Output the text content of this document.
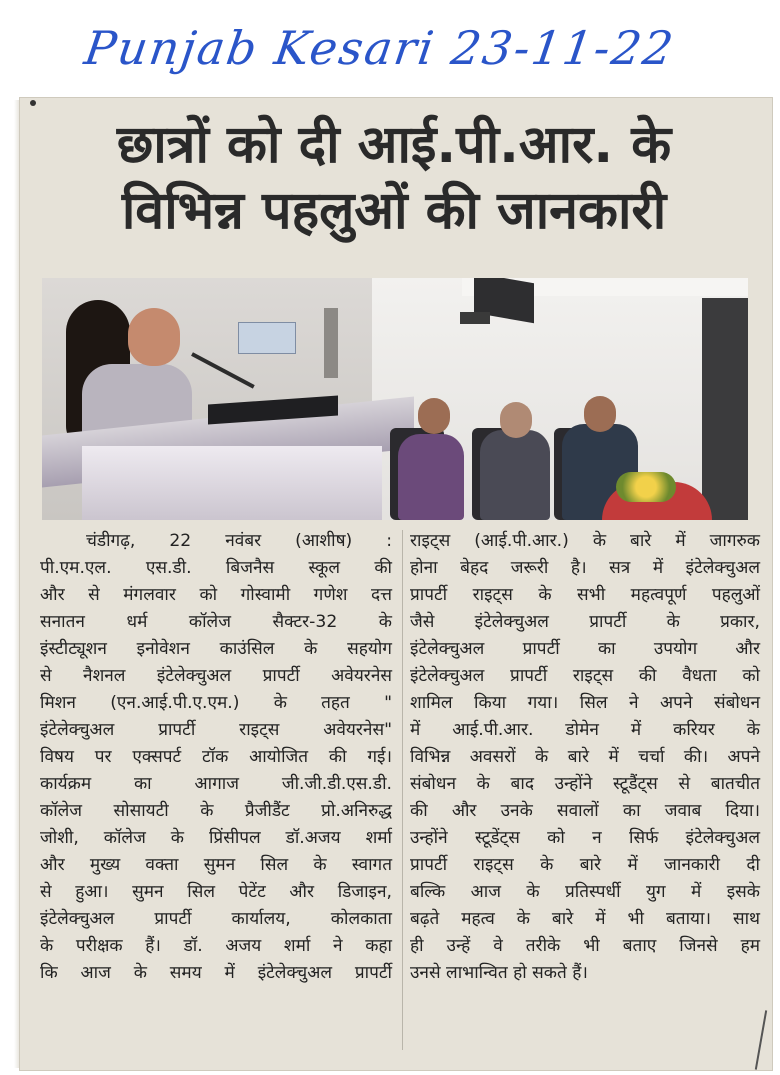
Punjab Kesari 23-11-22
छात्रों को दी आई.पी.आर. के
विभिन्न पहलुओं की जानकारी
चंडीगढ़, 22 नवंबर (आशीष) :
पी.एम.एल. एस.डी. बिजनैस स्कूल की
और से मंगलवार को गोस्वामी गणेश दत्त
सनातन धर्म कॉलेज सैक्टर-32 के
इंस्टीट्यूशन इनोवेशन काउंसिल के सहयोग
से नैशनल इंटेलेक्चुअल प्रापर्टी अवेयरनेस
मिशन (एन.आई.पी.ए.एम.) के तहत "
इंटेलेक्चुअल प्रापर्टी राइट्स अवेयरनेस"
विषय पर एक्सपर्ट टॉक आयोजित की गई।
कार्यक्रम का आगाज जी.जी.डी.एस.डी.
कॉलेज सोसायटी के प्रैजीडैंट प्रो.अनिरुद्ध
जोशी, कॉलेज के प्रिंसीपल डॉ.अजय शर्मा
और मुख्य वक्ता सुमन सिल के स्वागत
से हुआ। सुमन सिल पेटेंट और डिजाइन,
इंटेलेक्चुअल प्रापर्टी कार्यालय, कोलकाता
के परीक्षक हैं। डॉ. अजय शर्मा ने कहा
कि आज के समय में इंटेलेक्चुअल प्रापर्टी
राइट्स (आई.पी.आर.) के बारे में जागरुक
होना बेहद जरूरी है। सत्र में इंटेलेक्चुअल
प्रापर्टी राइट्स के सभी महत्वपूर्ण पहलुओं
जैसे इंटेलेक्चुअल प्रापर्टी के प्रकार,
इंटेलेक्चुअल प्रापर्टी का उपयोग और
इंटेलेक्चुअल प्रापर्टी राइट्स की वैधता को
शामिल किया गया। सिल ने अपने संबोधन
में आई.पी.आर. डोमेन में करियर के
विभिन्न अवसरों के बारे में चर्चा की। अपने
संबोधन के बाद उन्होंने स्टूडैंट्स से बातचीत
की और उनके सवालों का जवाब दिया।
उन्होंने स्टूडेंट्स को न सिर्फ इंटेलेक्चुअल
प्रापर्टी राइट्स के बारे में जानकारी दी
बल्कि आज के प्रतिस्पर्धी युग में इसके
बढ़ते महत्व के बारे में भी बताया। साथ
ही उन्हें वे तरीके भी बताए जिनसे हम
उनसे लाभान्वित हो सकते हैं।
